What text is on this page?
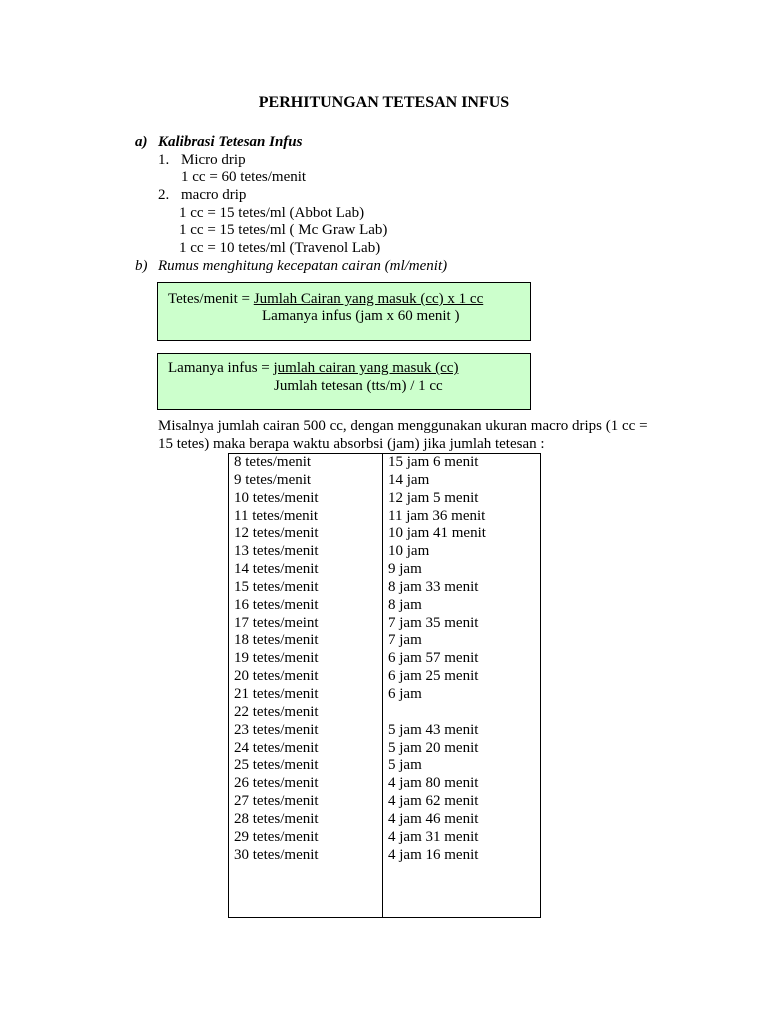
PERHITUNGAN TETESAN INFUS
a) Kalibrasi Tetesan Infus
1. Micro drip
1 cc = 60 tetes/menit
2. macro drip
1 cc = 15 tetes/ml (Abbot Lab)
1 cc = 15 tetes/ml ( Mc Graw Lab)
1 cc = 10 tetes/ml (Travenol Lab)
b) Rumus menghitung kecepatan cairan (ml/menit)
Tetes/menit = Jumlah Cairan yang masuk (cc) x 1 cc
Lamanya infus (jam x 60 menit )
Lamanya infus = jumlah cairan yang masuk (cc)
Jumlah tetesan (tts/m) / 1 cc
Misalnya jumlah cairan 500 cc, dengan menggunakan ukuran macro drips (1 cc =
15 tetes) maka berapa waktu absorbsi (jam) jika jumlah tetesan :
8 tetes/menit
9 tetes/menit
10 tetes/menit
11 tetes/menit
12 tetes/menit
13 tetes/menit
14 tetes/menit
15 tetes/menit
16 tetes/menit
17 tetes/meint
18 tetes/menit
19 tetes/menit
20 tetes/menit
21 tetes/menit
22 tetes/menit
23 tetes/menit
24 tetes/menit
25 tetes/menit
26 tetes/menit
27 tetes/menit
28 tetes/menit
29 tetes/menit
30 tetes/menit
15 jam 6 menit
14 jam
12 jam 5 menit
11 jam 36 menit
10 jam 41 menit
10 jam
9 jam
8 jam 33 menit
8 jam
7 jam 35 menit
7 jam
6 jam 57 menit
6 jam 25 menit
6 jam
5 jam 43 menit
5 jam 20 menit
5 jam
4 jam 80 menit
4 jam 62 menit
4 jam 46 menit
4 jam 31 menit
4 jam 16 menit
